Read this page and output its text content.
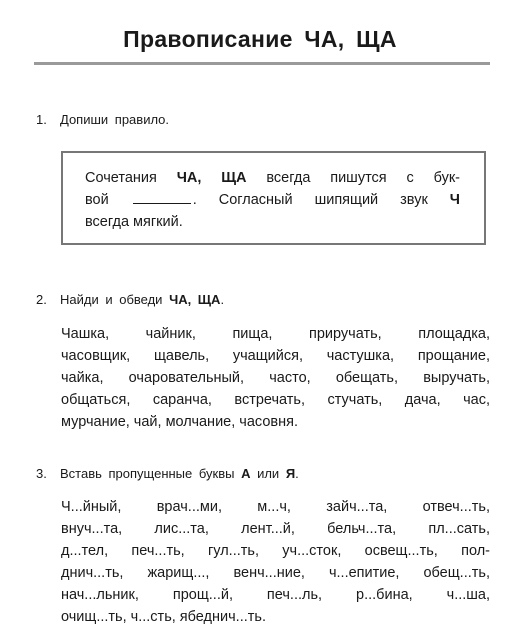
Правописание ЧА, ЩА
1. Допиши правило.
Сочетания ЧА, ЩА всегда пишутся с бук-
вой	. Согласный шипящий звук Ч
всегда мягкий.
2. Найди и обведи ЧА, ЩА.
Чашка, чайник, пища, приручать, площадка,
часовщик, щавель, учащийся, частушка, прощание,
чайка, очаровательный, часто, обещать, выручать,
общаться, саранча, встречать, стучать, дача, час,
мурчание, чай, молчание, часовня.
3. Вставь пропущенные буквы А или Я.
Ч...йный, врач...ми, м...ч, зайч...та, отвеч...ть,
внуч...та, лис...та, лент...й, бельч...та, пл...сать,
д...тел, печ...ть, гул...ть, уч...сток, освещ...ть, пол-
днич...ть, жарищ..., венч...ние, ч...епитие, обещ...ть,
нач...льник, прощ...й, печ...ль, р...бина, ч...ша,
очищ...ть, ч...сть, ябеднич...ть.
